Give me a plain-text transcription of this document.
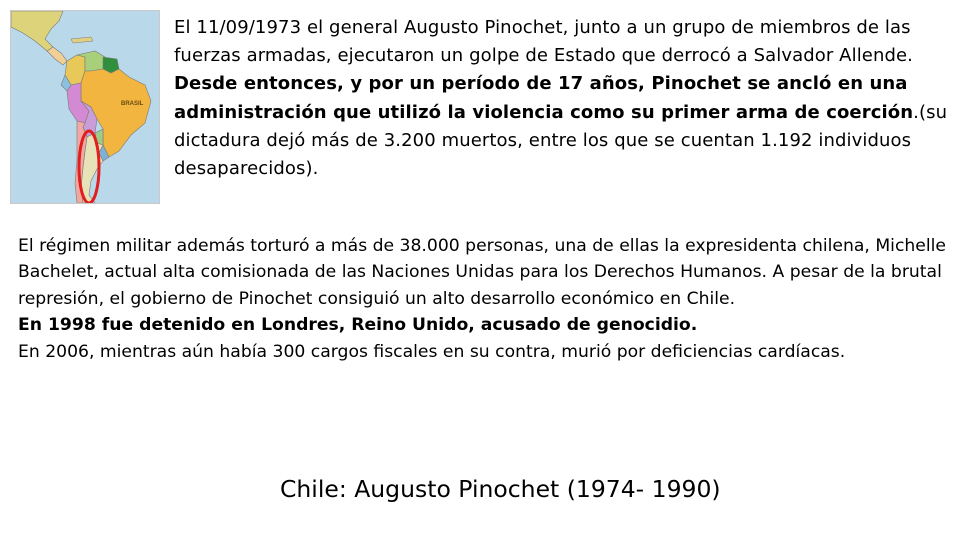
BRASIL

El 11/09/1973 el general Augusto Pinochet, junto a un grupo de miembros de las fuerzas armadas, ejecutaron un golpe de Estado que derrocó a Salvador Allende.
Desde entonces, y por un período de 17 años, Pinochet se ancló en una administración que utilizó la violencia como su primer arma de coerción.(su dictadura dejó más de 3.200 muertos, entre los que se cuentan 1.192 individuos desaparecidos).

El régimen militar además torturó a más de 38.000 personas, una de ellas la expresidenta chilena, Michelle Bachelet, actual alta comisionada de las Naciones Unidas para los Derechos Humanos. A pesar de la brutal represión, el gobierno de Pinochet consiguió un alto desarrollo económico en Chile.
En 1998 fue detenido en Londres, Reino Unido, acusado de genocidio.
En 2006, mientras aún había 300 cargos fiscales en su contra, murió por deficiencias cardíacas.

Chile: Augusto Pinochet (1974- 1990)
